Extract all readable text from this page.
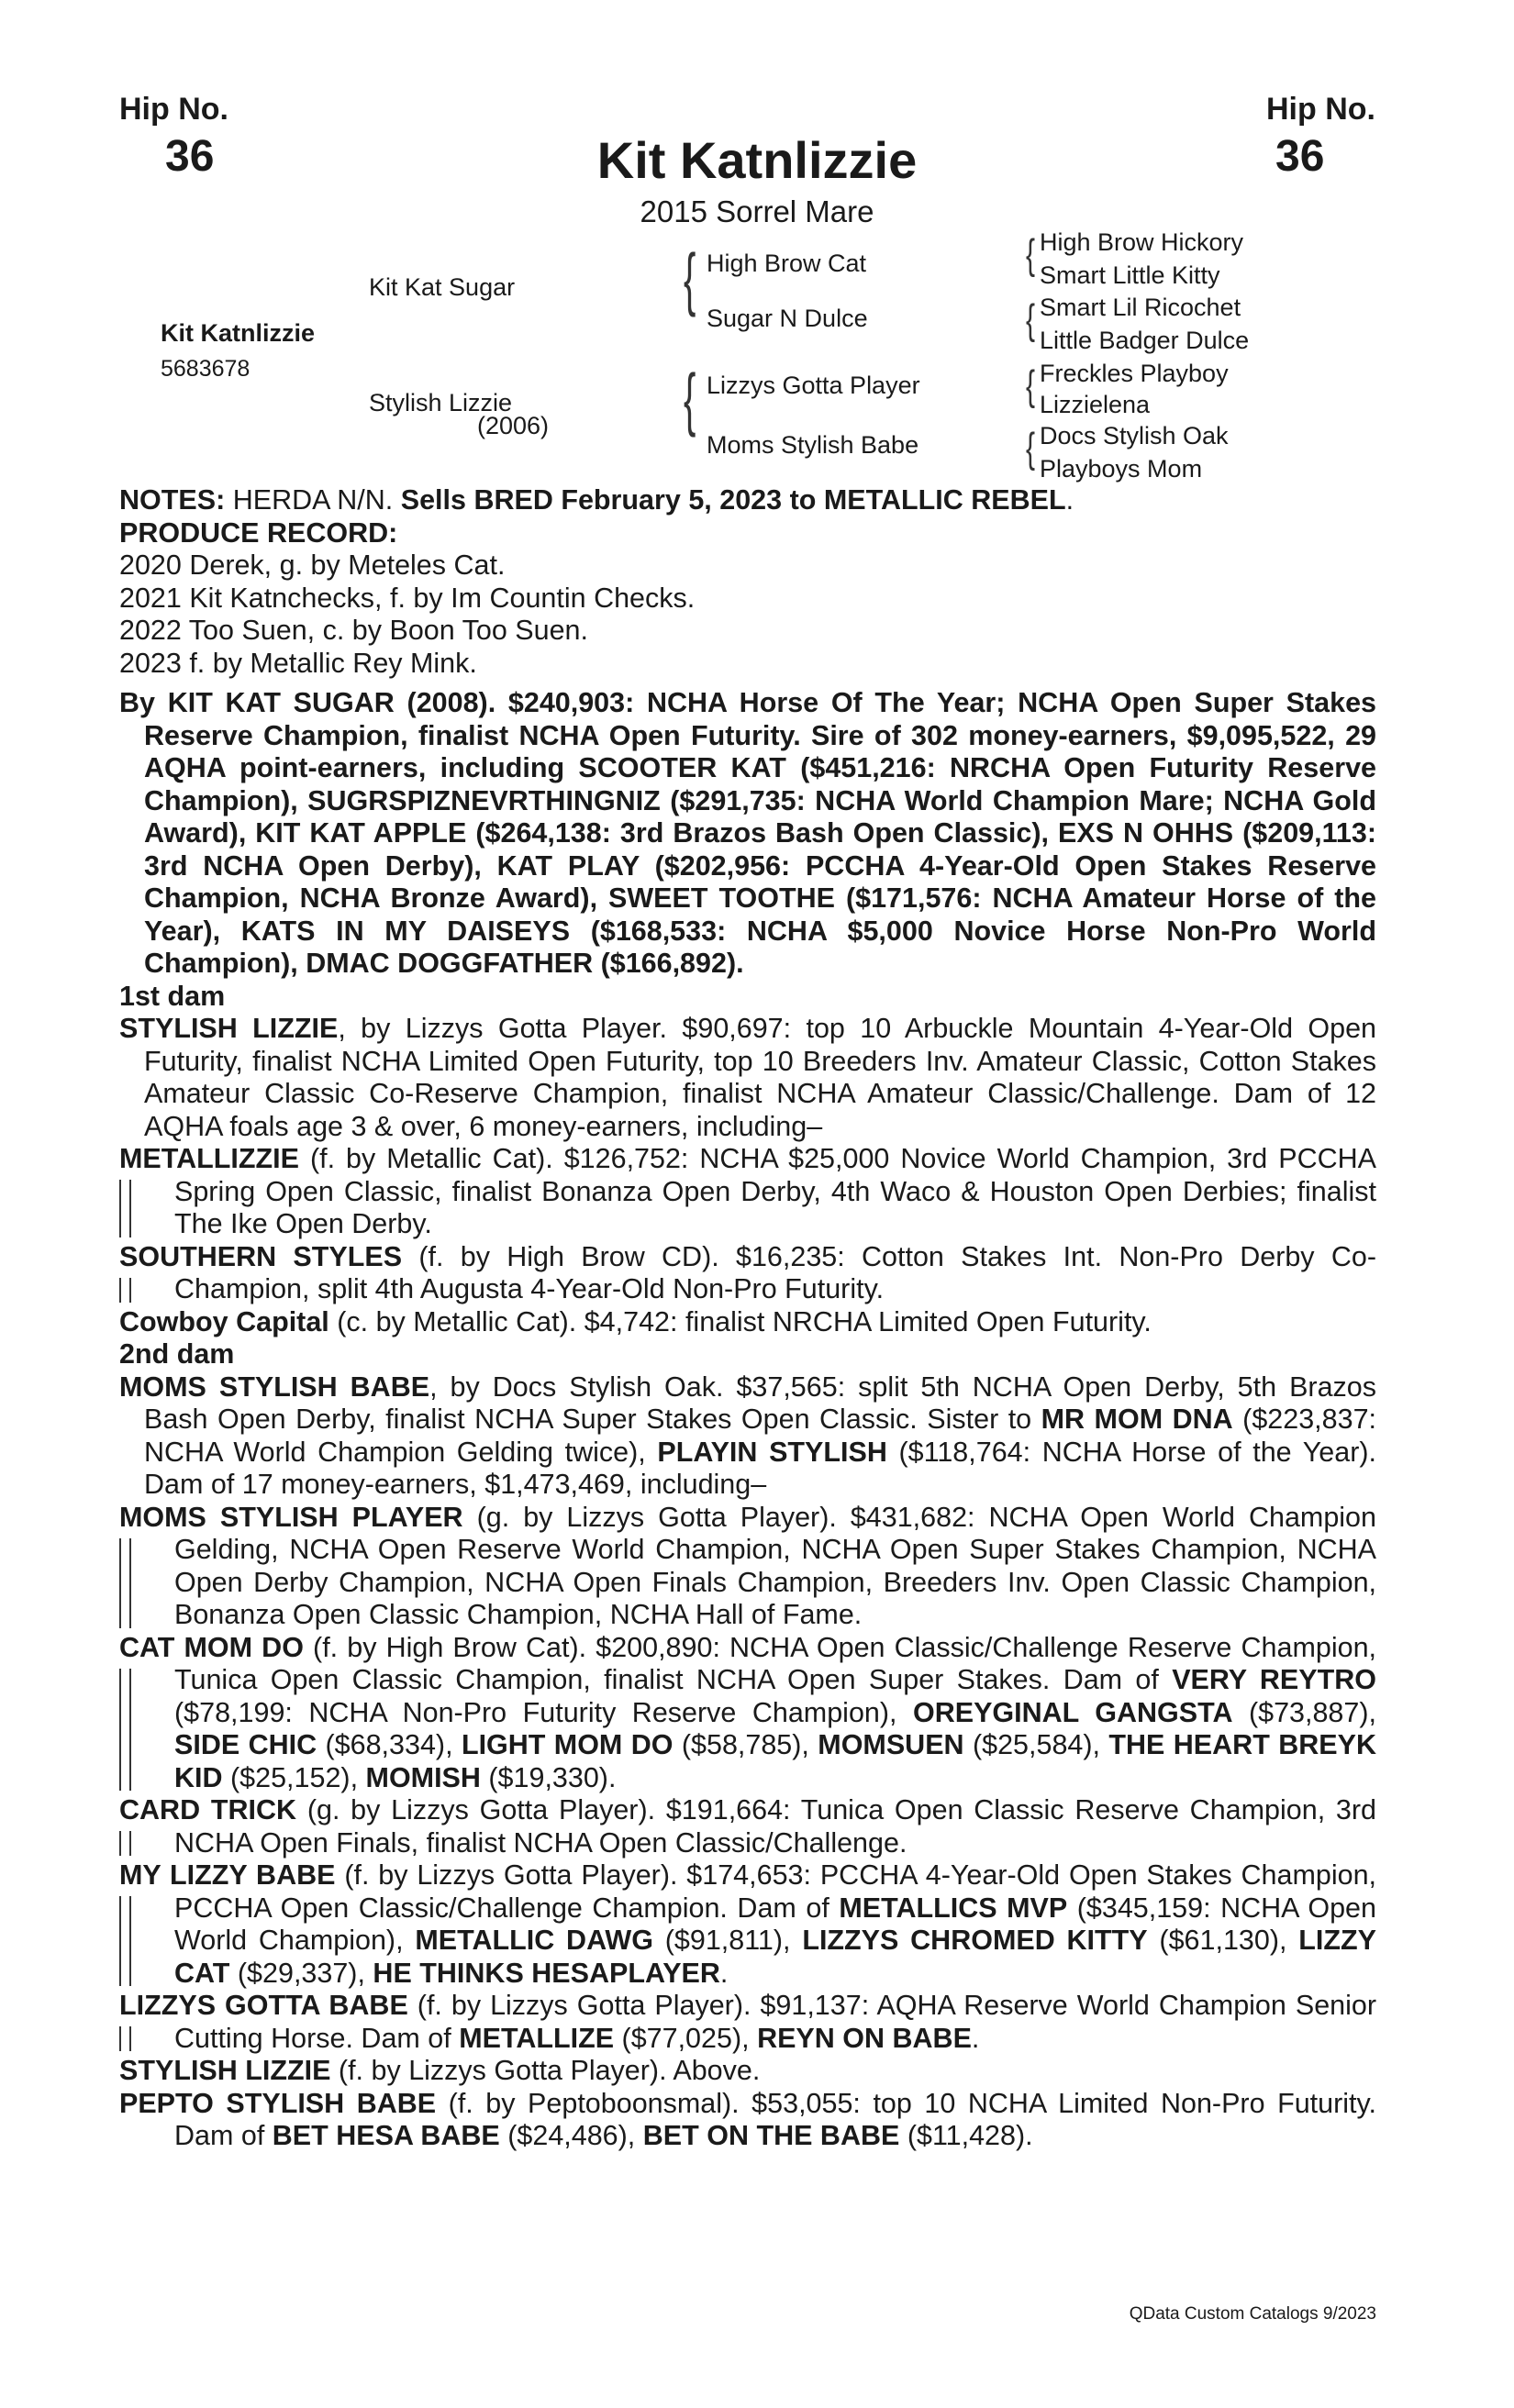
Hip No.
36
Hip No.
36
Kit Katnlizzie
2015 Sorrel Mare
Kit Katnlizzie
5683678
Kit Kat Sugar
Stylish Lizzie
(2006)
{ High Brow Cat
Sugar N Dulce
{ Lizzys Gotta Player
Moms Stylish Babe
{ High Brow Hickory
Smart Little Kitty
{ Smart Lil Ricochet
Little Badger Dulce
{ Freckles Playboy
Lizzielena
{ Docs Stylish Oak
Playboys Mom

NOTES: HERDA N/N. Sells BRED February 5, 2023 to METALLIC REBEL.

PRODUCE RECORD:

2020 Derek, g. by Meteles Cat.

2021 Kit Katnchecks, f. by Im Countin Checks.

2022 Too Suen, c. by Boon Too Suen.

2023 f. by Metallic Rey Mink.

By KIT KAT SUGAR (2008). $240,903: NCHA Horse Of The Year; NCHA Open Super Stakes Reserve Champion, finalist NCHA Open Futurity. Sire of 302 money-earners, $9,095,522, 29 AQHA point-earners, including SCOOTER KAT ($451,216: NRCHA Open Futurity Reserve Champion), SUGRSPIZNEVRTHINGNIZ ($291,735: NCHA World Champion Mare; NCHA Gold Award), KIT KAT APPLE ($264,138: 3rd Brazos Bash Open Classic), EXS N OHHS ($209,113: 3rd NCHA Open Derby), KAT PLAY ($202,956: PCCHA 4-Year-Old Open Stakes Reserve Champion, NCHA Bronze Award), SWEET TOOTHE ($171,576: NCHA Amateur Horse of the Year), KATS IN MY DAISEYS ($168,533: NCHA $5,000 Novice Horse Non-Pro World Champion), DMAC DOGGFATHER ($166,892).

1st dam

STYLISH LIZZIE, by Lizzys Gotta Player. $90,697: top 10 Arbuckle Mountain 4-Year-Old Open Futurity, finalist NCHA Limited Open Futurity, top 10 Breeders Inv. Amateur Classic, Cotton Stakes Amateur Classic Co-Reserve Champion, finalist NCHA Amateur Classic/Challenge. Dam of 12 AQHA foals age 3 & over, 6 money-earners, including–

METALLIZZIE (f. by Metallic Cat). $126,752: NCHA $25,000 Novice World Champion, 3rd PCCHA Spring Open Classic, finalist Bonanza Open Derby, 4th Waco & Houston Open Derbies; finalist The Ike Open Derby.

SOUTHERN STYLES (f. by High Brow CD). $16,235: Cotton Stakes Int. Non-Pro Derby Co-Champion, split 4th Augusta 4-Year-Old Non-Pro Futurity.

Cowboy Capital (c. by Metallic Cat). $4,742: finalist NRCHA Limited Open Futurity.

2nd dam

MOMS STYLISH BABE, by Docs Stylish Oak. $37,565: split 5th NCHA Open Derby, 5th Brazos Bash Open Derby, finalist NCHA Super Stakes Open Classic. Sister to MR MOM DNA ($223,837: NCHA World Champion Gelding twice), PLAYIN STYLISH ($118,764: NCHA Horse of the Year). Dam of 17 money-earners, $1,473,469, including–

MOMS STYLISH PLAYER (g. by Lizzys Gotta Player). $431,682: NCHA Open World Champion Gelding, NCHA Open Reserve World Champion, NCHA Open Super Stakes Champion, NCHA Open Derby Champion, NCHA Open Finals Champion, Breeders Inv. Open Classic Champion, Bonanza Open Classic Champion, NCHA Hall of Fame.

CAT MOM DO (f. by High Brow Cat). $200,890: NCHA Open Classic/Challenge Reserve Champion, Tunica Open Classic Champion, finalist NCHA Open Super Stakes. Dam of VERY REYTRO ($78,199: NCHA Non-Pro Futurity Reserve Champion), OREYGINAL GANGSTA ($73,887), SIDE CHIC ($68,334), LIGHT MOM DO ($58,785), MOMSUEN ($25,584), THE HEART BREYK KID ($25,152), MOMISH ($19,330).

CARD TRICK (g. by Lizzys Gotta Player). $191,664: Tunica Open Classic Reserve Champion, 3rd NCHA Open Finals, finalist NCHA Open Classic/Challenge.

MY LIZZY BABE (f. by Lizzys Gotta Player). $174,653: PCCHA 4-Year-Old Open Stakes Champion, PCCHA Open Classic/Challenge Champion. Dam of METALLICS MVP ($345,159: NCHA Open World Champion), METALLIC DAWG ($91,811), LIZZYS CHROMED KITTY ($61,130), LIZZY CAT ($29,337), HE THINKS HESAPLAYER.

LIZZYS GOTTA BABE (f. by Lizzys Gotta Player). $91,137: AQHA Reserve World Champion Senior Cutting Horse. Dam of METALLIZE ($77,025), REYN ON BABE.

STYLISH LIZZIE (f. by Lizzys Gotta Player). Above.

PEPTO STYLISH BABE (f. by Peptoboonsmal). $53,055: top 10 NCHA Limited Non-Pro Futurity. Dam of BET HESA BABE ($24,486), BET ON THE BABE ($11,428).

QData Custom Catalogs 9/2023
